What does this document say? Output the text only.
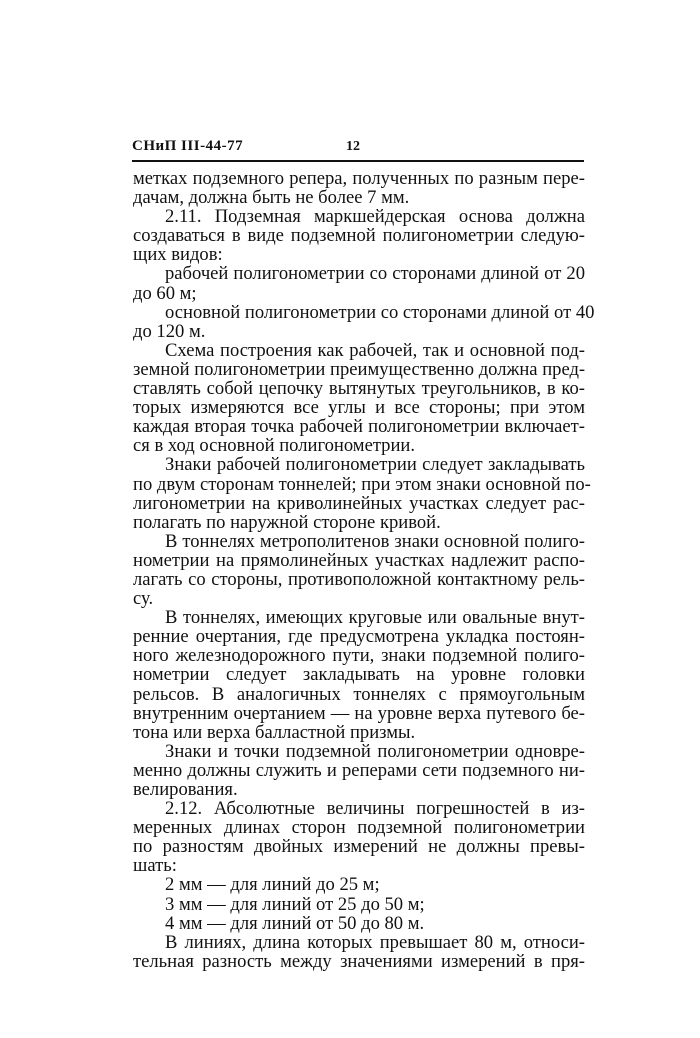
СНиП III-44-77	12
метках подземного репера, полученных по разным пере-
дачам, должна быть не более 7 мм.
2.11. Подземная маркшейдерская основа должна
создаваться в виде подземной полигонометрии следую-
щих видов:
рабочей полигонометрии со сторонами длиной от 20
до 60 м;
основной полигонометрии со сторонами длиной от 40
до 120 м.
Схема построения как рабочей, так и основной под-
земной полигонометрии преимущественно должна пред-
ставлять собой цепочку вытянутых треугольников, в ко-
торых измеряются все углы и все стороны; при этом
каждая вторая точка рабочей полигонометрии включает-
ся в ход основной полигонометрии.
Знаки рабочей полигонометрии следует закладывать
по двум сторонам тоннелей; при этом знаки основной по-
лигонометрии на криволинейных участках следует рас-
полагать по наружной стороне кривой.
В тоннелях метрополитенов знаки основной полиго-
нометрии на прямолинейных участках надлежит распо-
лагать со стороны, противоположной контактному рель-
су.
В тоннелях, имеющих круговые или овальные внут-
ренние очертания, где предусмотрена укладка постоян-
ного железнодорожного пути, знаки подземной полиго-
нометрии следует закладывать на уровне головки
рельсов. В аналогичных тоннелях с прямоугольным
внутренним очертанием — на уровне верха путевого бе-
тона или верха балластной призмы.
Знаки и точки подземной полигонометрии одновре-
менно должны служить и реперами сети подземного ни-
велирования.
2.12. Абсолютные величины погрешностей в из-
меренных длинах сторон подземной полигонометрии
по разностям двойных измерений не должны превы-
шать:
2 мм — для линий до 25 м;
3 мм — для линий от 25 до 50 м;
4 мм — для линий от 50 до 80 м.
В линиях, длина которых превышает 80 м, относи-
тельная разность между значениями измерений в пря-
